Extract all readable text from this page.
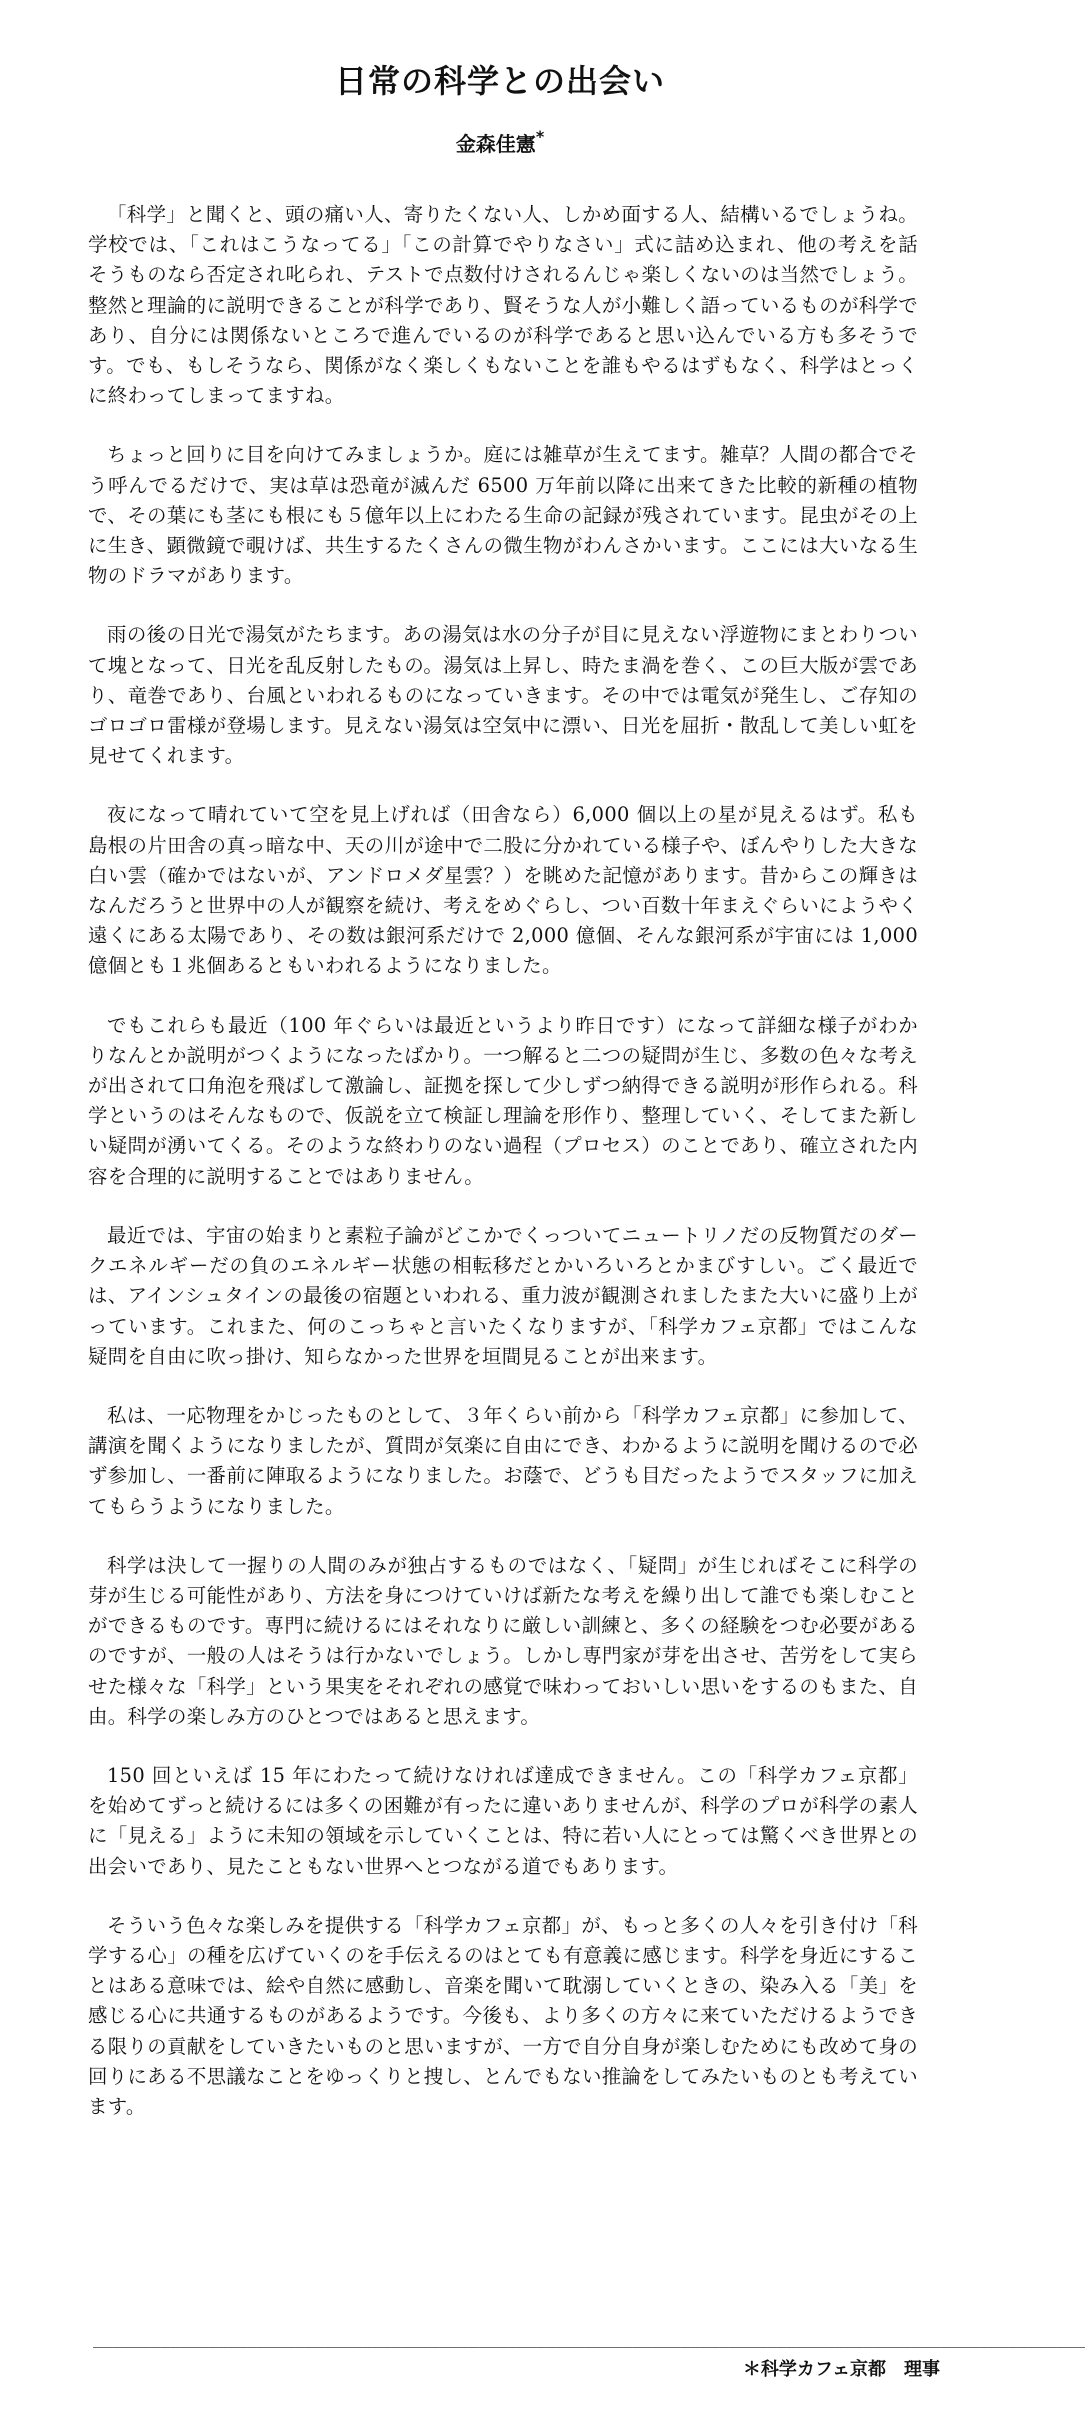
日常の科学との出会い

金森佳憲*

「科学」と聞くと、頭の痛い人、寄りたくない人、しかめ面する人、結構いるでしょうね。学校では、「これはこうなってる」「この計算でやりなさい」式に詰め込まれ、他の考えを話そうものなら否定され叱られ、テストで点数付けされるんじゃ楽しくないのは当然でしょう。整然と理論的に説明できることが科学であり、賢そうな人が小難しく語っているものが科学であり、自分には関係ないところで進んでいるのが科学であると思い込んでいる方も多そうです。でも、もしそうなら、関係がなく楽しくもないことを誰もやるはずもなく、科学はとっくに終わってしまってますね。

ちょっと回りに目を向けてみましょうか。庭には雑草が生えてます。雑草？人間の都合でそう呼んでるだけで、実は草は恐竜が滅んだ 6500 万年前以降に出来てきた比較的新種の植物で、その葉にも茎にも根にも５億年以上にわたる生命の記録が残されています。昆虫がその上に生き、顕微鏡で覗けば、共生するたくさんの微生物がわんさかいます。ここには大いなる生物のドラマがあります。

雨の後の日光で湯気がたちます。あの湯気は水の分子が目に見えない浮遊物にまとわりついて塊となって、日光を乱反射したもの。湯気は上昇し、時たま渦を巻く、この巨大版が雲であり、竜巻であり、台風といわれるものになっていきます。その中では電気が発生し、ご存知のゴロゴロ雷様が登場します。見えない湯気は空気中に漂い、日光を屈折・散乱して美しい虹を見せてくれます。

夜になって晴れていて空を見上げれば（田舎なら）6,000 個以上の星が見えるはず。私も島根の片田舎の真っ暗な中、天の川が途中で二股に分かれている様子や、ぼんやりした大きな白い雲（確かではないが、アンドロメダ星雲？）を眺めた記憶があります。昔からこの輝きはなんだろうと世界中の人が観察を続け、考えをめぐらし、つい百数十年まえぐらいにようやく遠くにある太陽であり、その数は銀河系だけで 2,000 億個、そんな銀河系が宇宙には 1,000 億個とも１兆個あるともいわれるようになりました。

でもこれらも最近（100 年ぐらいは最近というより昨日です）になって詳細な様子がわかりなんとか説明がつくようになったばかり。一つ解ると二つの疑問が生じ、多数の色々な考えが出されて口角泡を飛ばして激論し、証拠を探して少しずつ納得できる説明が形作られる。科学というのはそんなもので、仮説を立て検証し理論を形作り、整理していく、そしてまた新しい疑問が湧いてくる。そのような終わりのない過程（プロセス）のことであり、確立された内容を合理的に説明することではありません。

最近では、宇宙の始まりと素粒子論がどこかでくっついてニュートリノだの反物質だのダークエネルギーだの負のエネルギー状態の相転移だとかいろいろとかまびすしい。ごく最近では、アインシュタインの最後の宿題といわれる、重力波が観測されましたまた大いに盛り上がっています。これまた、何のこっちゃと言いたくなりますが、「科学カフェ京都」ではこんな疑問を自由に吹っ掛け、知らなかった世界を垣間見ることが出来ます。

私は、一応物理をかじったものとして、３年くらい前から「科学カフェ京都」に参加して、講演を聞くようになりましたが、質問が気楽に自由にでき、わかるように説明を聞けるので必ず参加し、一番前に陣取るようになりました。お蔭で、どうも目だったようでスタッフに加えてもらうようになりました。

科学は決して一握りの人間のみが独占するものではなく、「疑問」が生じればそこに科学の芽が生じる可能性があり、方法を身につけていけば新たな考えを繰り出して誰でも楽しむことができるものです。専門に続けるにはそれなりに厳しい訓練と、多くの経験をつむ必要があるのですが、一般の人はそうは行かないでしょう。しかし専門家が芽を出させ、苦労をして実らせた様々な「科学」という果実をそれぞれの感覚で味わっておいしい思いをするのもまた、自由。科学の楽しみ方のひとつではあると思えます。

150 回といえば 15 年にわたって続けなければ達成できません。この「科学カフェ京都」を始めてずっと続けるには多くの困難が有ったに違いありませんが、科学のプロが科学の素人に「見える」ように未知の領域を示していくことは、特に若い人にとっては驚くべき世界との出会いであり、見たこともない世界へとつながる道でもあります。

そういう色々な楽しみを提供する「科学カフェ京都」が、もっと多くの人々を引き付け「科学する心」の種を広げていくのを手伝えるのはとても有意義に感じます。科学を身近にすることはある意味では、絵や自然に感動し、音楽を聞いて耽溺していくときの、染み入る「美」を感じる心に共通するものがあるようです。今後も、より多くの方々に来ていただけるようできる限りの貢献をしていきたいものと思いますが、一方で自分自身が楽しむためにも改めて身の回りにある不思議なことをゆっくりと捜し、とんでもない推論をしてみたいものとも考えています。

_______________________________________________________________________________________________________

＊科学カフェ京都　理事
